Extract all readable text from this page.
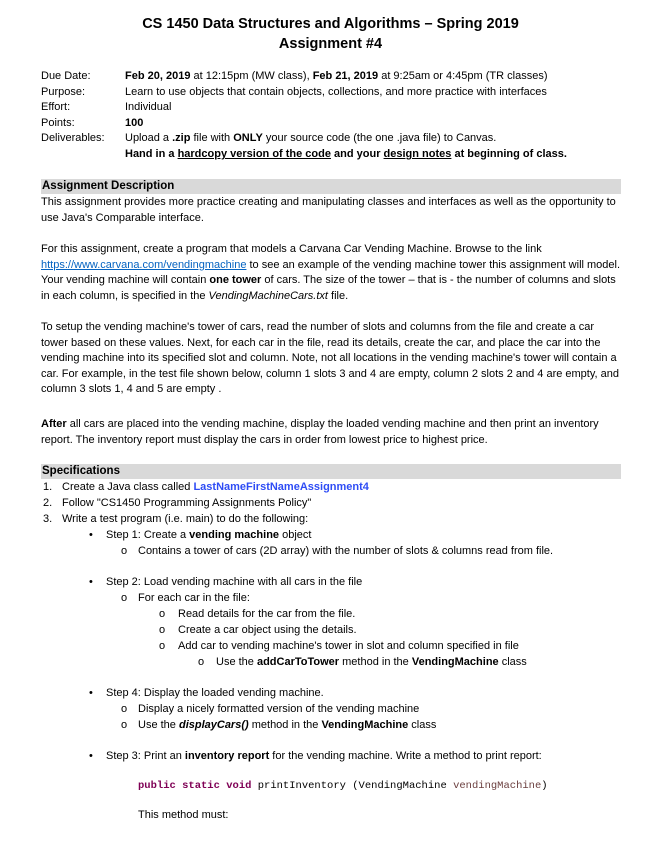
CS 1450 Data Structures and Algorithms – Spring 2019
Assignment #4
Due Date:	Feb 20, 2019 at 12:15pm (MW class), Feb 21, 2019 at 9:25am or 4:45pm (TR classes)
Purpose:	Learn to use objects that contain objects, collections, and more practice with interfaces
Effort:	Individual
Points:	100
Deliverables:	Upload a .zip file with ONLY your source code (the one .java file) to Canvas.
Hand in a hardcopy version of the code and your design notes at beginning of class.
Assignment Description
This assignment provides more practice creating and manipulating classes and interfaces as well as the opportunity to use Java's Comparable interface.
For this assignment, create a program that models a Carvana Car Vending Machine. Browse to the link https://www.carvana.com/vendingmachine to see an example of the vending machine tower this assignment will model. Your vending machine will contain one tower of cars. The size of the tower – that is - the number of columns and slots in each column, is specified in the VendingMachineCars.txt file.
To setup the vending machine's tower of cars, read the number of slots and columns from the file and create a car tower based on these values. Next, for each car in the file, read its details, create the car, and place the car into the vending machine into its specified slot and column. Note, not all locations in the vending machine's tower will contain a car. For example, in the test file shown below, column 1 slots 3 and 4 are empty, column 2 slots 2 and 4 are empty, and column 3 slots 1, 4 and 5 are empty .
After all cars are placed into the vending machine, display the loaded vending machine and then print an inventory report. The inventory report must display the cars in order from lowest price to highest price.
Specifications
1. Create a Java class called LastNameFirstNameAssignment4
2. Follow "CS1450 Programming Assignments Policy"
3. Write a test program (i.e. main) to do the following:
• Step 1: Create a vending machine object
o Contains a tower of cars (2D array) with the number of slots & columns read from file.
• Step 2: Load vending machine with all cars in the file
o For each car in the file:
o Read details for the car from the file.
o Create a car object using the details.
o Add car to vending machine's tower in slot and column specified in file
o Use the addCarToTower method in the VendingMachine class
• Step 4: Display the loaded vending machine.
o Display a nicely formatted version of the vending machine
o Use the displayCars() method in the VendingMachine class
• Step 3: Print an inventory report for the vending machine. Write a method to print report:
public static void printInventory (VendingMachine vendingMachine)
This method must:
